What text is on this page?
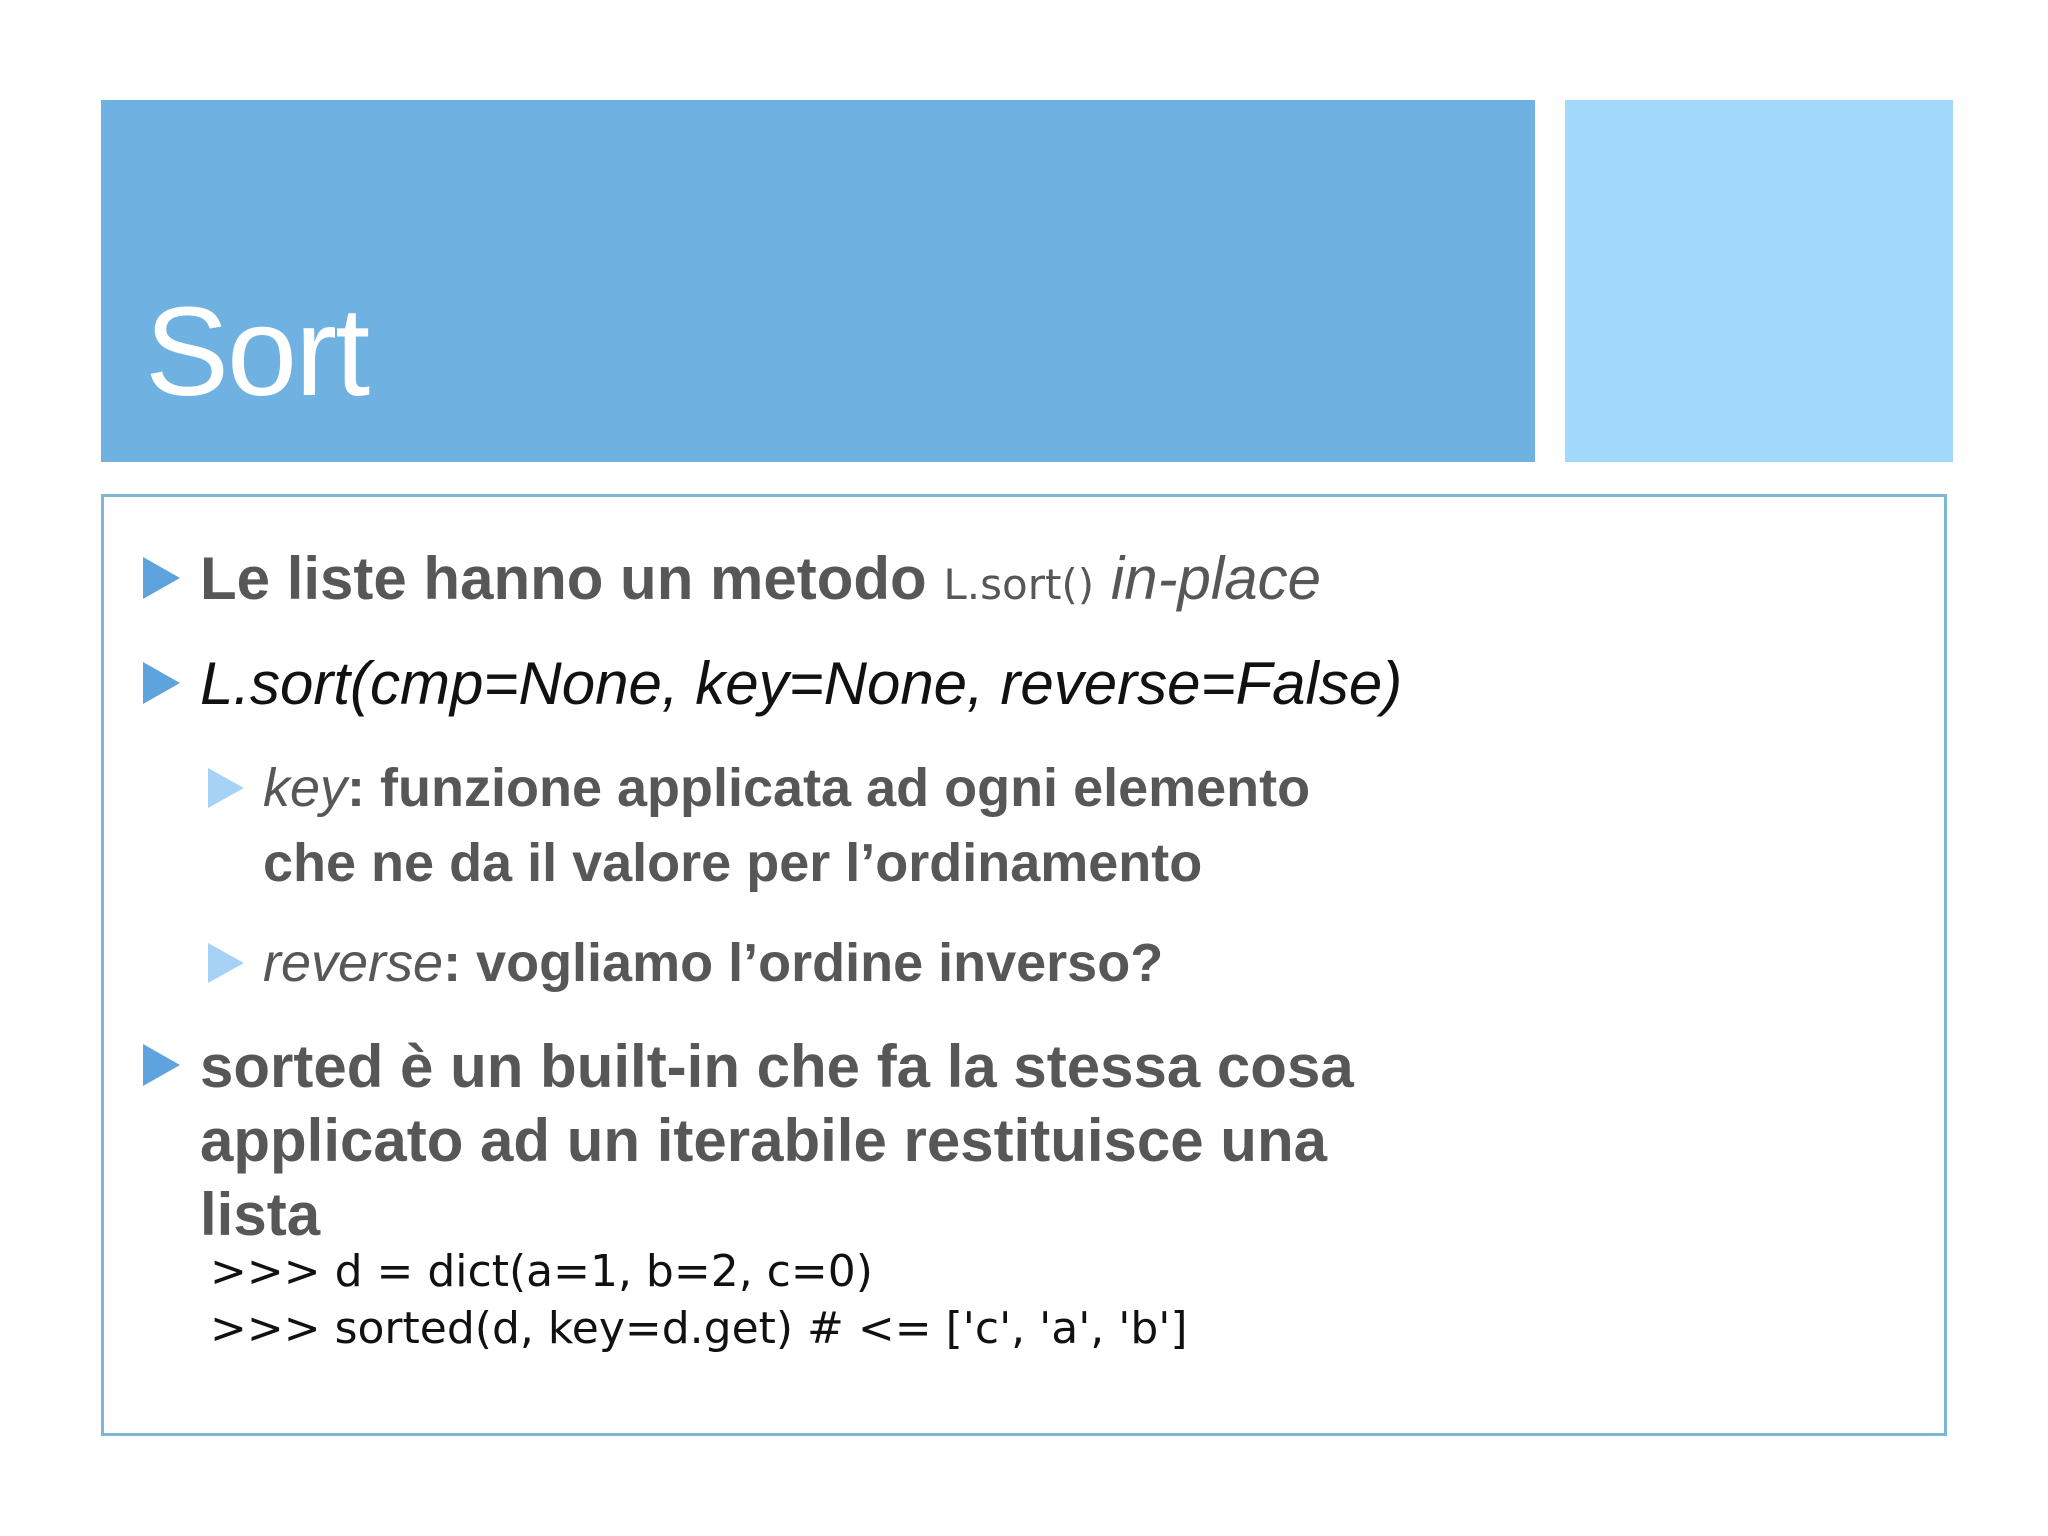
Sort
Le liste hanno un metodo L.sort() in-place
L.sort(cmp=None, key=None, reverse=False)
key: funzione applicata ad ogni elemento
che ne da il valore per l’ordinamento
reverse: vogliamo l’ordine inverso?
sorted è un built-in che fa la stessa cosa
applicato ad un iterabile restituisce una
lista
>>> d = dict(a=1, b=2, c=0)
>>> sorted(d, key=d.get) # <= ['c', 'a', 'b']
